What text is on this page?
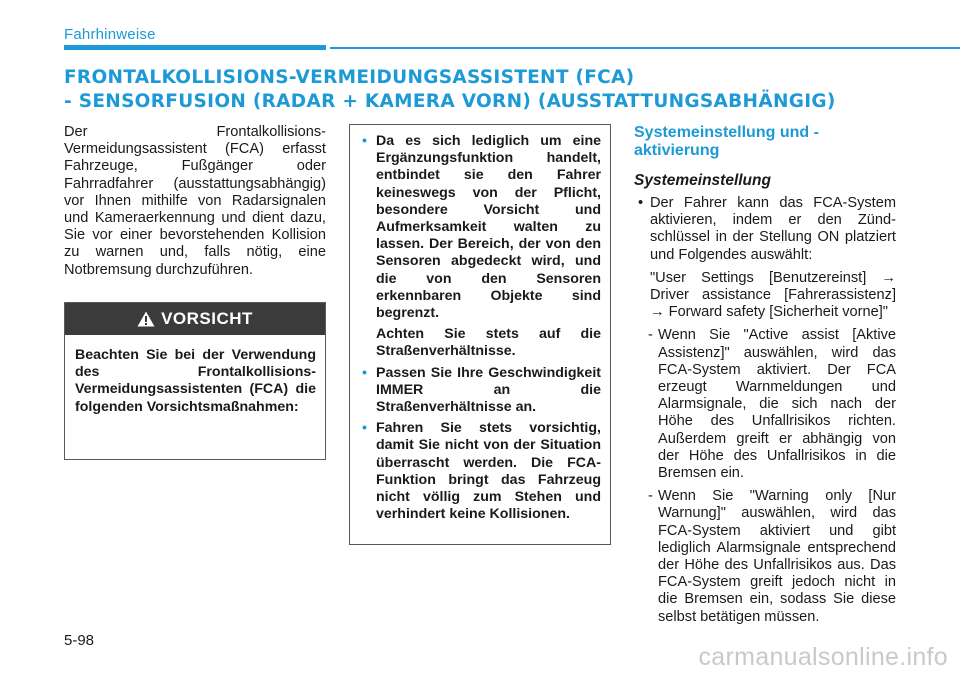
Fahrhinweise
FRONTALKOLLISIONS-VERMEIDUNGSASSISTENT (FCA)
- SENSORFUSION (RADAR + KAMERA VORN) (AUSSTATTUNGSABHÄNGIG)

Der Frontalkollisions-Vermeidungsassistent (FCA) erfasst Fahrzeuge, Fußgänger oder Fahrradfahrer (ausstattungsabhängig) vor Ihnen mithilfe von Radarsignalen und Kameraerkennung und dient dazu, Sie vor einer bevorstehenden Kollision zu warnen und, falls nötig, eine Notbremsung durchzuführen.

VORSICHT
Beachten Sie bei der Verwendung des Frontalkollisions-Vermeidungsassistenten (FCA) die folgenden Vorsichtsmaßnahmen:
• Da es sich lediglich um eine Ergänzungsfunktion handelt, entbindet sie den Fahrer keineswegs von der Pflicht, besondere Vorsicht und Aufmerksamkeit walten zu lassen. Der Bereich, der von den Sensoren abgedeckt wird, und die von den Sensoren erkennbaren Objekte sind begrenzt.
Achten Sie stets auf die Straßenverhältnisse.
• Passen Sie Ihre Geschwindigkeit IMMER an die Straßenverhältnisse an.
• Fahren Sie stets vorsichtig, damit Sie nicht von der Situation überrascht werden. Die FCA-Funktion bringt das Fahrzeug nicht völlig zum Stehen und verhindert keine Kollisionen.
Systemeinstellung und -aktivierung
Systemeinstellung
• Der Fahrer kann das FCA-System aktivieren, indem er den Zünd-schlüssel in der Stellung ON platziert und Folgendes auswählt:
"User Settings [Benutzereinst] → Driver assistance [Fahrerassistenz] → Forward safety [Sicherheit vorne]"
- Wenn Sie "Active assist [Aktive Assistenz]" auswählen, wird das FCA-System aktiviert. Der FCA erzeugt Warnmeldungen und Alarmsignale, die sich nach der Höhe des Unfallrisikos richten. Außerdem greift er abhängig von der Höhe des Unfallrisikos in die Bremsen ein.
- Wenn Sie "Warning only [Nur Warnung]" auswählen, wird das FCA-System aktiviert und gibt lediglich Alarmsignale entsprechend der Höhe des Unfallrisikos aus. Das FCA-System greift jedoch nicht in die Bremsen ein, sodass Sie diese selbst betätigen müssen.
5-98
carmanualsonline.info
